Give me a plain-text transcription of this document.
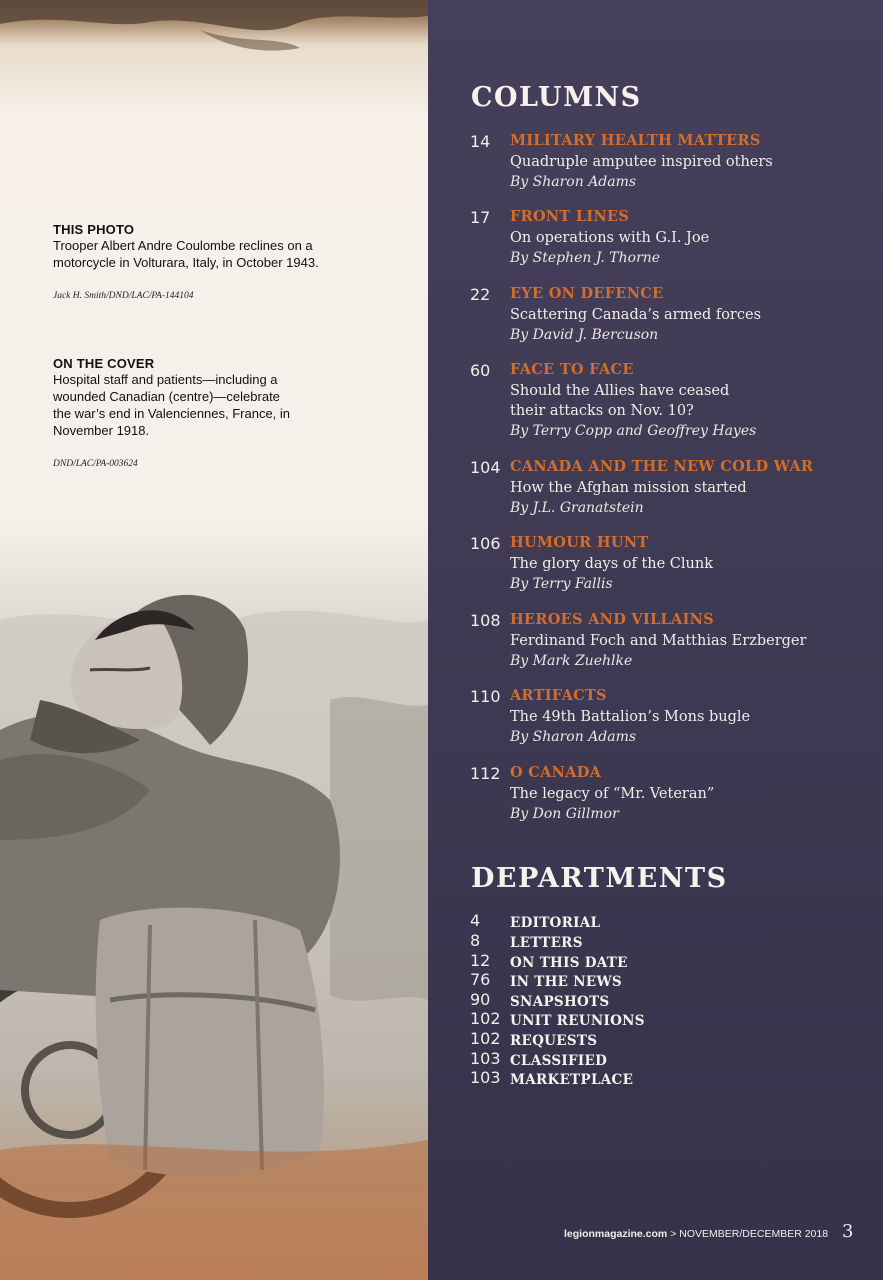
THIS PHOTO
Trooper Albert Andre Coulombe reclines on a motorcycle in Volturara, Italy, in October 1943.
Jack H. Smith/DND/LAC/PA-144104
ON THE COVER
Hospital staff and patients—including a wounded Canadian (centre)—celebrate the war’s end in Valenciennes, France, in November 1918.
DND/LAC/PA-003624
COLUMNS
14 MILITARY HEALTH MATTERS
Quadruple amputee inspired others
By Sharon Adams
17 FRONT LINES
On operations with G.I. Joe
By Stephen J. Thorne
22 EYE ON DEFENCE
Scattering Canada’s armed forces
By David J. Bercuson
60 FACE TO FACE
Should the Allies have ceased their attacks on Nov. 10?
By Terry Copp and Geoffrey Hayes
104 CANADA AND THE NEW COLD WAR
How the Afghan mission started
By J.L. Granatstein
106 HUMOUR HUNT
The glory days of the Clunk
By Terry Fallis
108 HEROES AND VILLAINS
Ferdinand Foch and Matthias Erzberger
By Mark Zuehlke
110 ARTIFACTS
The 49th Battalion’s Mons bugle
By Sharon Adams
112 O CANADA
The legacy of “Mr. Veteran”
By Don Gillmor
DEPARTMENTS
4 EDITORIAL
8 LETTERS
12 ON THIS DATE
76 IN THE NEWS
90 SNAPSHOTS
102 UNIT REUNIONS
102 REQUESTS
103 CLASSIFIED
103 MARKETPLACE
legionmagazine.com > NOVEMBER/DECEMBER 2018 3
